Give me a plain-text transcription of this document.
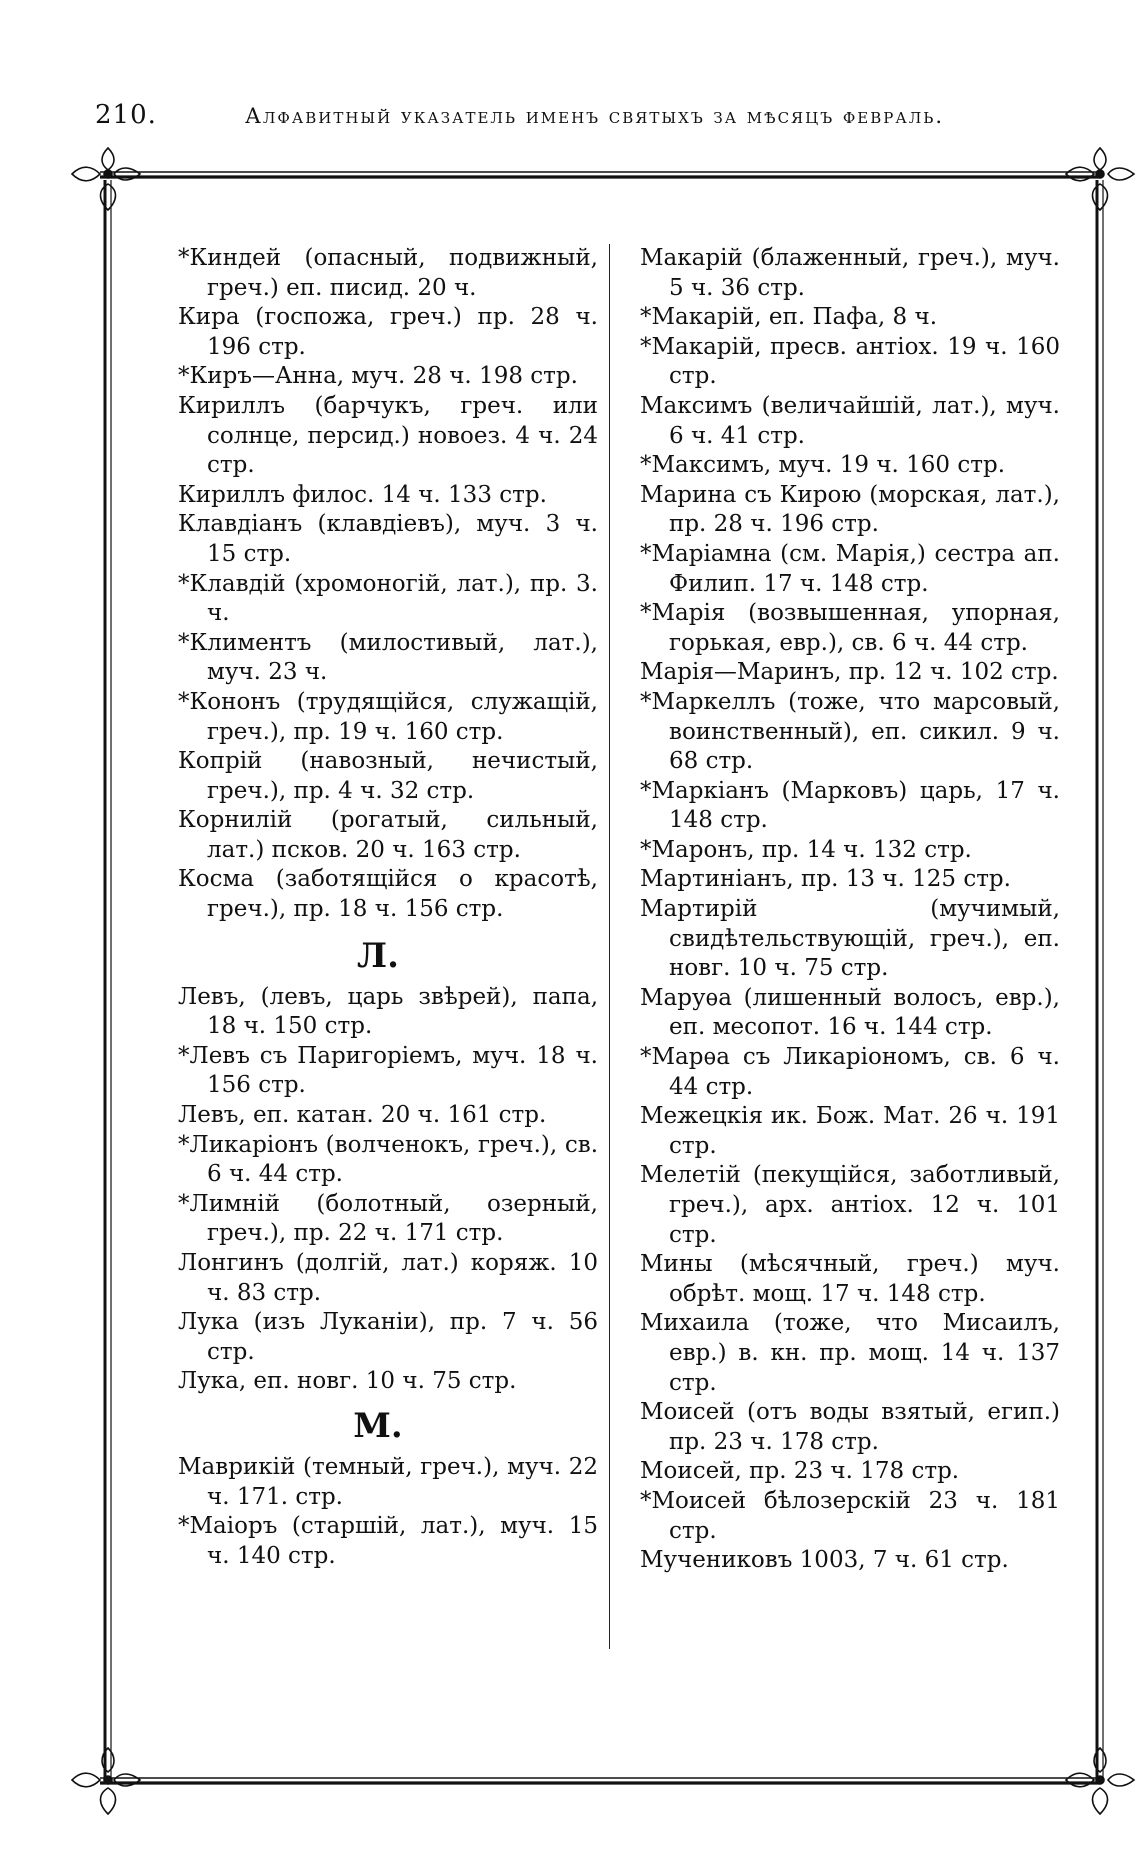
210.	Алфавитный указатель именъ святыхъ за мѣсяцъ февраль.
*Киндей (опасный, подвижный, греч.) еп. писид. 20 ч.
Кира (госпожа, греч.) пр. 28 ч. 196 стр.
*Киръ—Анна, муч. 28 ч. 198 стр.
Кириллъ (барчукъ, греч. или солнце, персид.) новоез. 4 ч. 24 стр.
Кириллъ филос. 14 ч. 133 стр.
Клавдіанъ (клавдіевъ), муч. 3 ч. 15 стр.
*Клавдій (хромоногій, лат.), пр. 3. ч.
*Климентъ (милостивый, лат.), муч. 23 ч.
*Кононъ (трудящійся, служащій, греч.), пр. 19 ч. 160 стр.
Копрій (навозный, нечистый, греч.), пр. 4 ч. 32 стр.
Корнилій (рогатый, сильный, лат.) псков. 20 ч. 163 стр.
Косма (заботящійся о красотѣ, греч.), пр. 18 ч. 156 стр.
Л.
Левъ, (левъ, царь звѣрей), папа, 18 ч. 150 стр.
*Левъ съ Паригоріемъ, муч. 18 ч. 156 стр.
Левъ, еп. катан. 20 ч. 161 стр.
*Ликаріонъ (волченокъ, греч.), св. 6 ч. 44 стр.
*Лимній (болотный, озерный, греч.), пр. 22 ч. 171 стр.
Лонгинъ (долгій, лат.) коряж. 10 ч. 83 стр.
Лука (изъ Луканіи), пр. 7 ч. 56 стр.
Лука, еп. новг. 10 ч. 75 стр.
М.
Маврикій (темный, греч.), муч. 22 ч. 171. стр.
*Маіоръ (старшій, лат.), муч. 15 ч. 140 стр.
Макарій (блаженный, греч.), муч. 5 ч. 36 стр.
*Макарій, еп. Пафа, 8 ч.
*Макарій, пресв. антіох. 19 ч. 160 стр.
Максимъ (величайшій, лат.), муч. 6 ч. 41 стр.
*Максимъ, муч. 19 ч. 160 стр.
Марина съ Кирою (морская, лат.), пр. 28 ч. 196 стр.
*Маріамна (см. Марія,) сестра ап. Филип. 17 ч. 148 стр.
*Марія (возвышенная, упорная, горькая, евр.), св. 6 ч. 44 стр.
Марія—Маринъ, пр. 12 ч. 102 стр.
*Маркеллъ (тоже, что марсовый, воинственный), еп. сикил. 9 ч. 68 стр.
*Маркіанъ (Марковъ) царь, 17 ч. 148 стр.
*Маронъ, пр. 14 ч. 132 стр.
Мартиніанъ, пр. 13 ч. 125 стр.
Мартирій (мучимый, свидѣтельствующій, греч.), еп. новг. 10 ч. 75 стр.
Маруѳа (лишенный волосъ, евр.), еп. месопот. 16 ч. 144 стр.
*Марѳа съ Ликаріономъ, св. 6 ч. 44 стр.
Межецкія ик. Бож. Мат. 26 ч. 191 стр.
Мелетій (пекущійся, заботливый, греч.), арх. антіох. 12 ч. 101 стр.
Мины (мѣсячный, греч.) муч. обрѣт. мощ. 17 ч. 148 стр.
Михаила (тоже, что Мисаилъ, евр.) в. кн. пр. мощ. 14 ч. 137 стр.
Моисей (отъ воды взятый, егип.) пр. 23 ч. 178 стр.
Моисей, пр. 23 ч. 178 стр.
*Моисей бѣлозерскій 23 ч. 181 стр.
Мучениковъ 1003, 7 ч. 61 стр.
